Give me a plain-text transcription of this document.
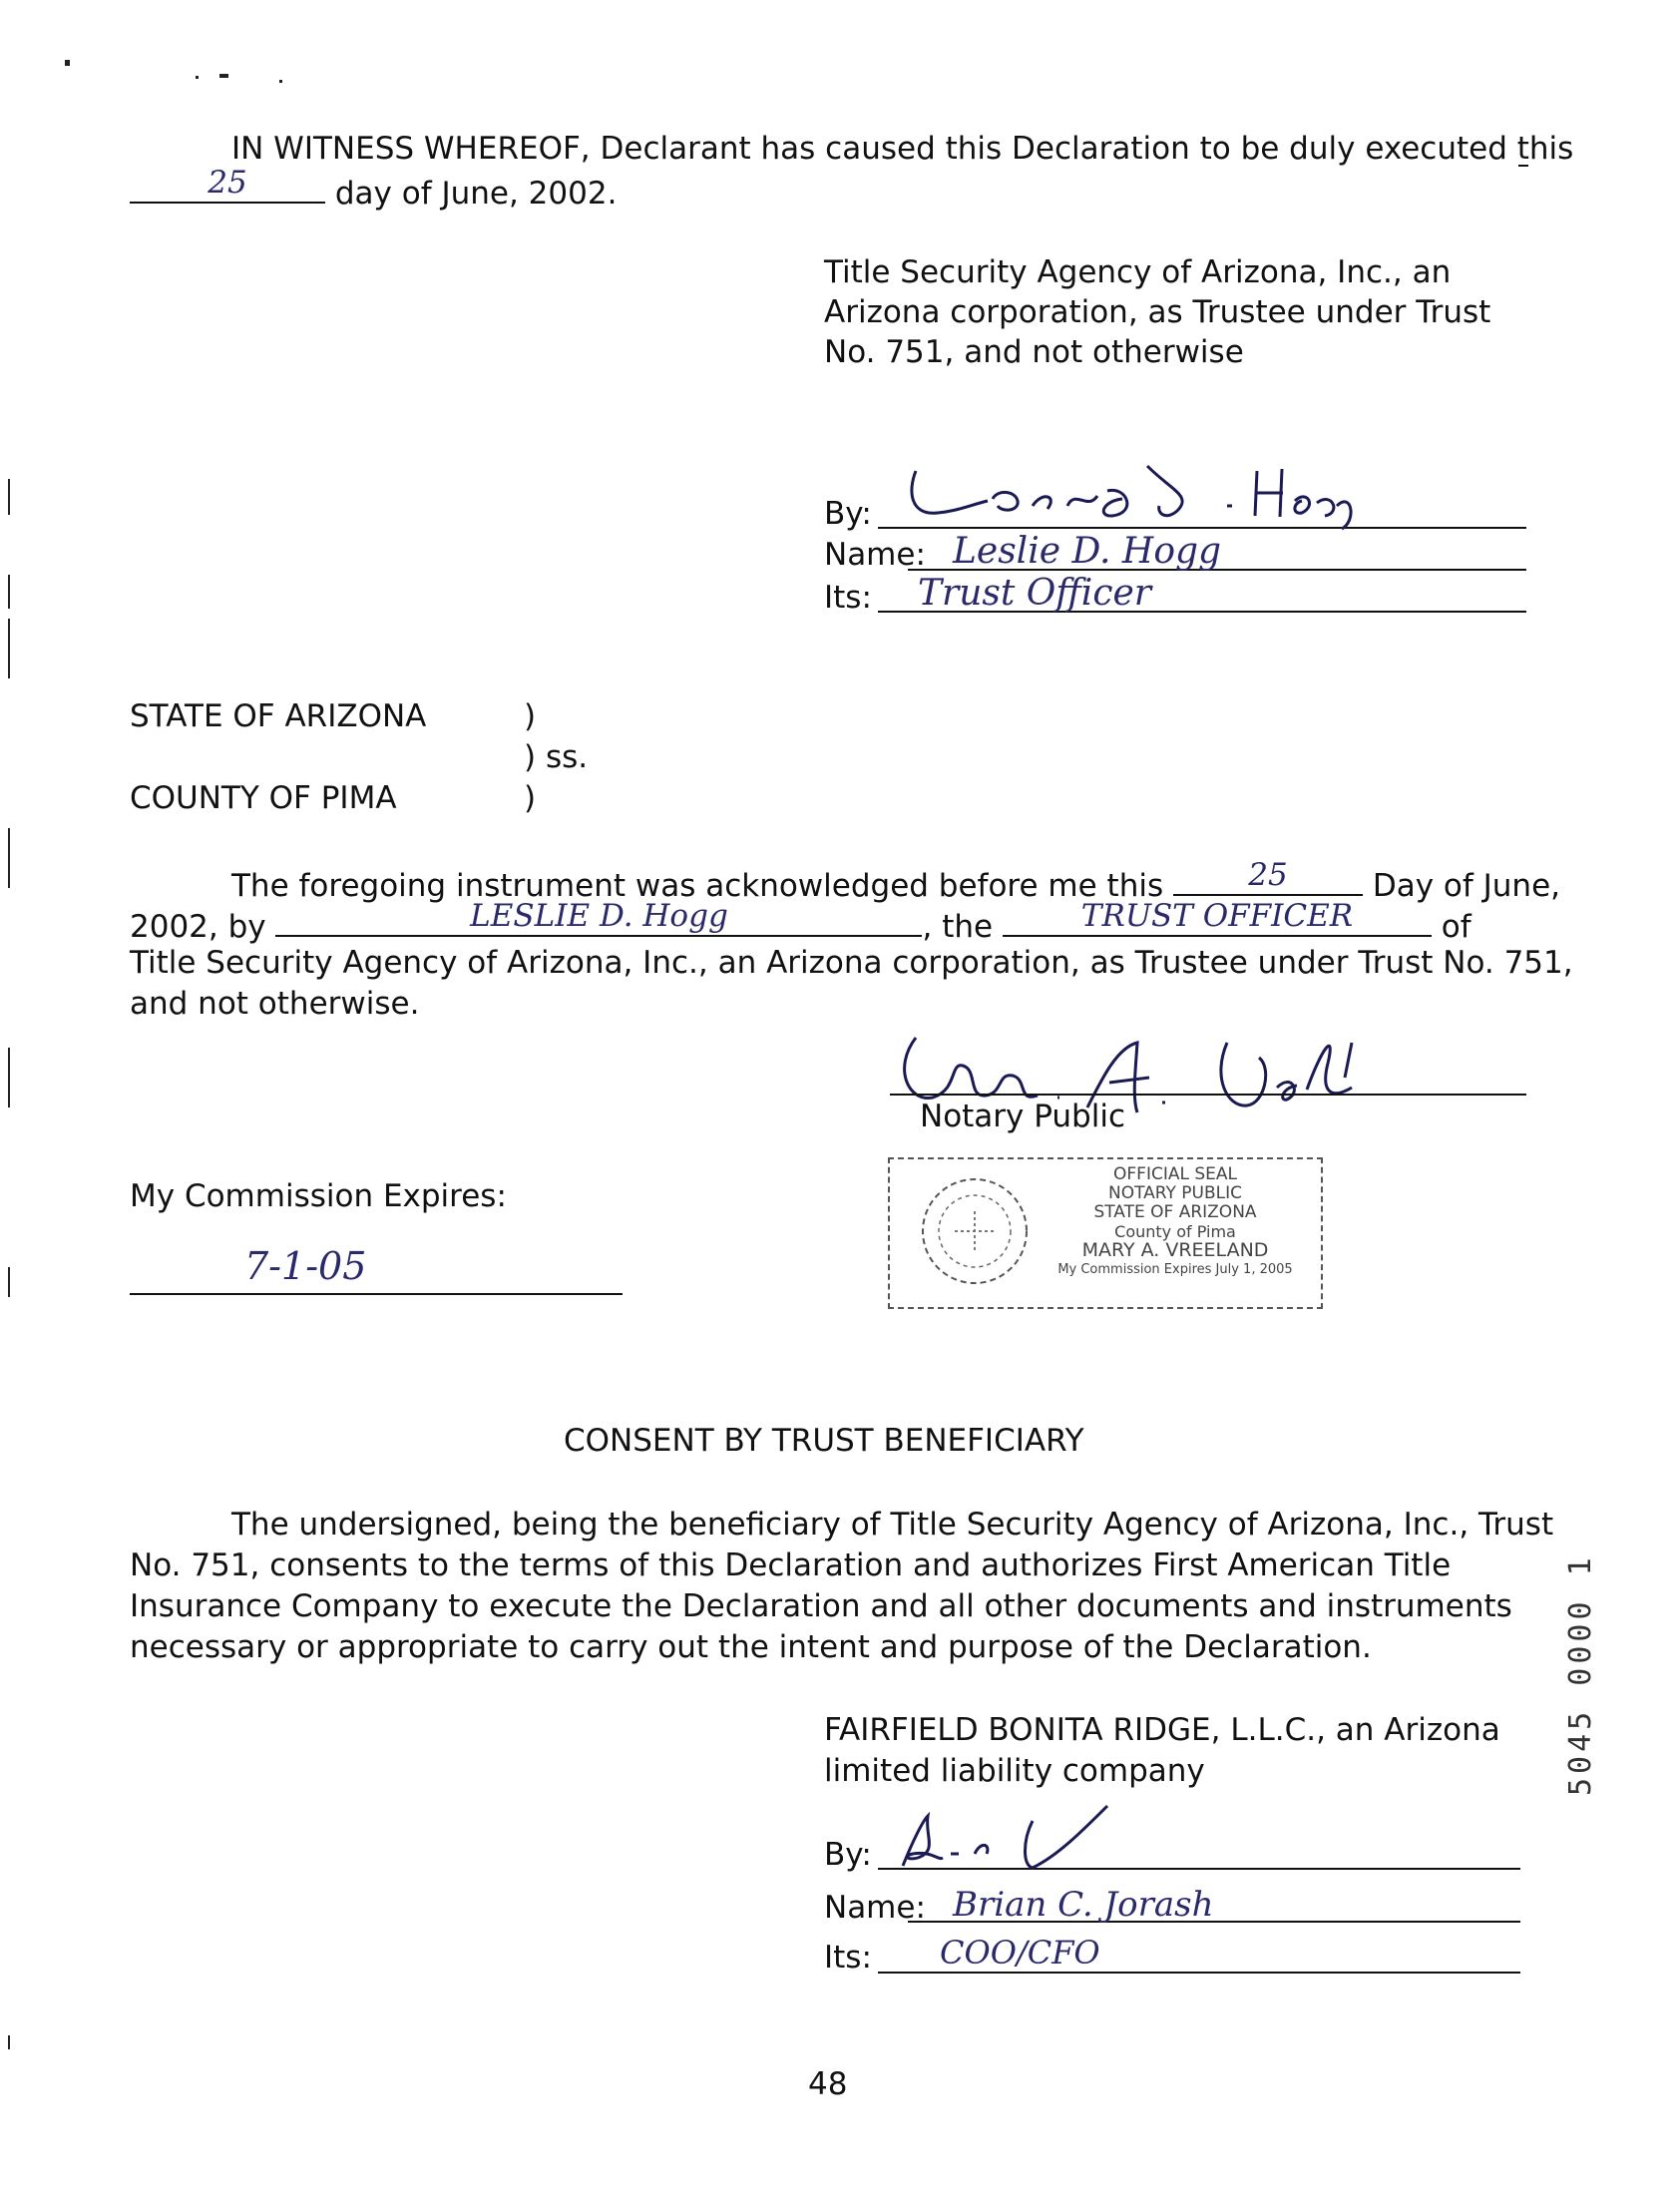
IN WITNESS WHEREOF, Declarant has caused this Declaration to be duly executed this
25	day of June, 2002.
Title Security Agency of Arizona, Inc., an
Arizona corporation, as Trustee under Trust
No. 751, and not otherwise
By:
Name: Leslie D. Hogg
Its: Trust Officer
STATE OF ARIZONA
COUNTY OF PIMA
)
) ss.
)
The foregoing instrument was acknowledged before me this	25	Day of June,
2002, by	LESLIE D. Hogg	, the	TRUST OFFICER	of
Title Security Agency of Arizona, Inc., an Arizona corporation, as Trustee under Trust No. 751,
and not otherwise.
Notary Public
OFFICIAL SEAL
NOTARY PUBLIC
STATE OF ARIZONA
County of Pima
MARY A. VREELAND
My Commission Expires July 1, 2005
My Commission Expires:
7-1-05
CONSENT BY TRUST BENEFICIARY
The undersigned, being the beneficiary of Title Security Agency of Arizona, Inc., Trust
No. 751, consents to the terms of this Declaration and authorizes First American Title
Insurance Company to execute the Declaration and all other documents and instruments
necessary or appropriate to carry out the intent and purpose of the Declaration.
FAIRFIELD BONITA RIDGE, L.L.C., an Arizona
limited liability company
By:
Name: Brian C. Jorash
Its: COO/CFO
48
5045 0000 1
